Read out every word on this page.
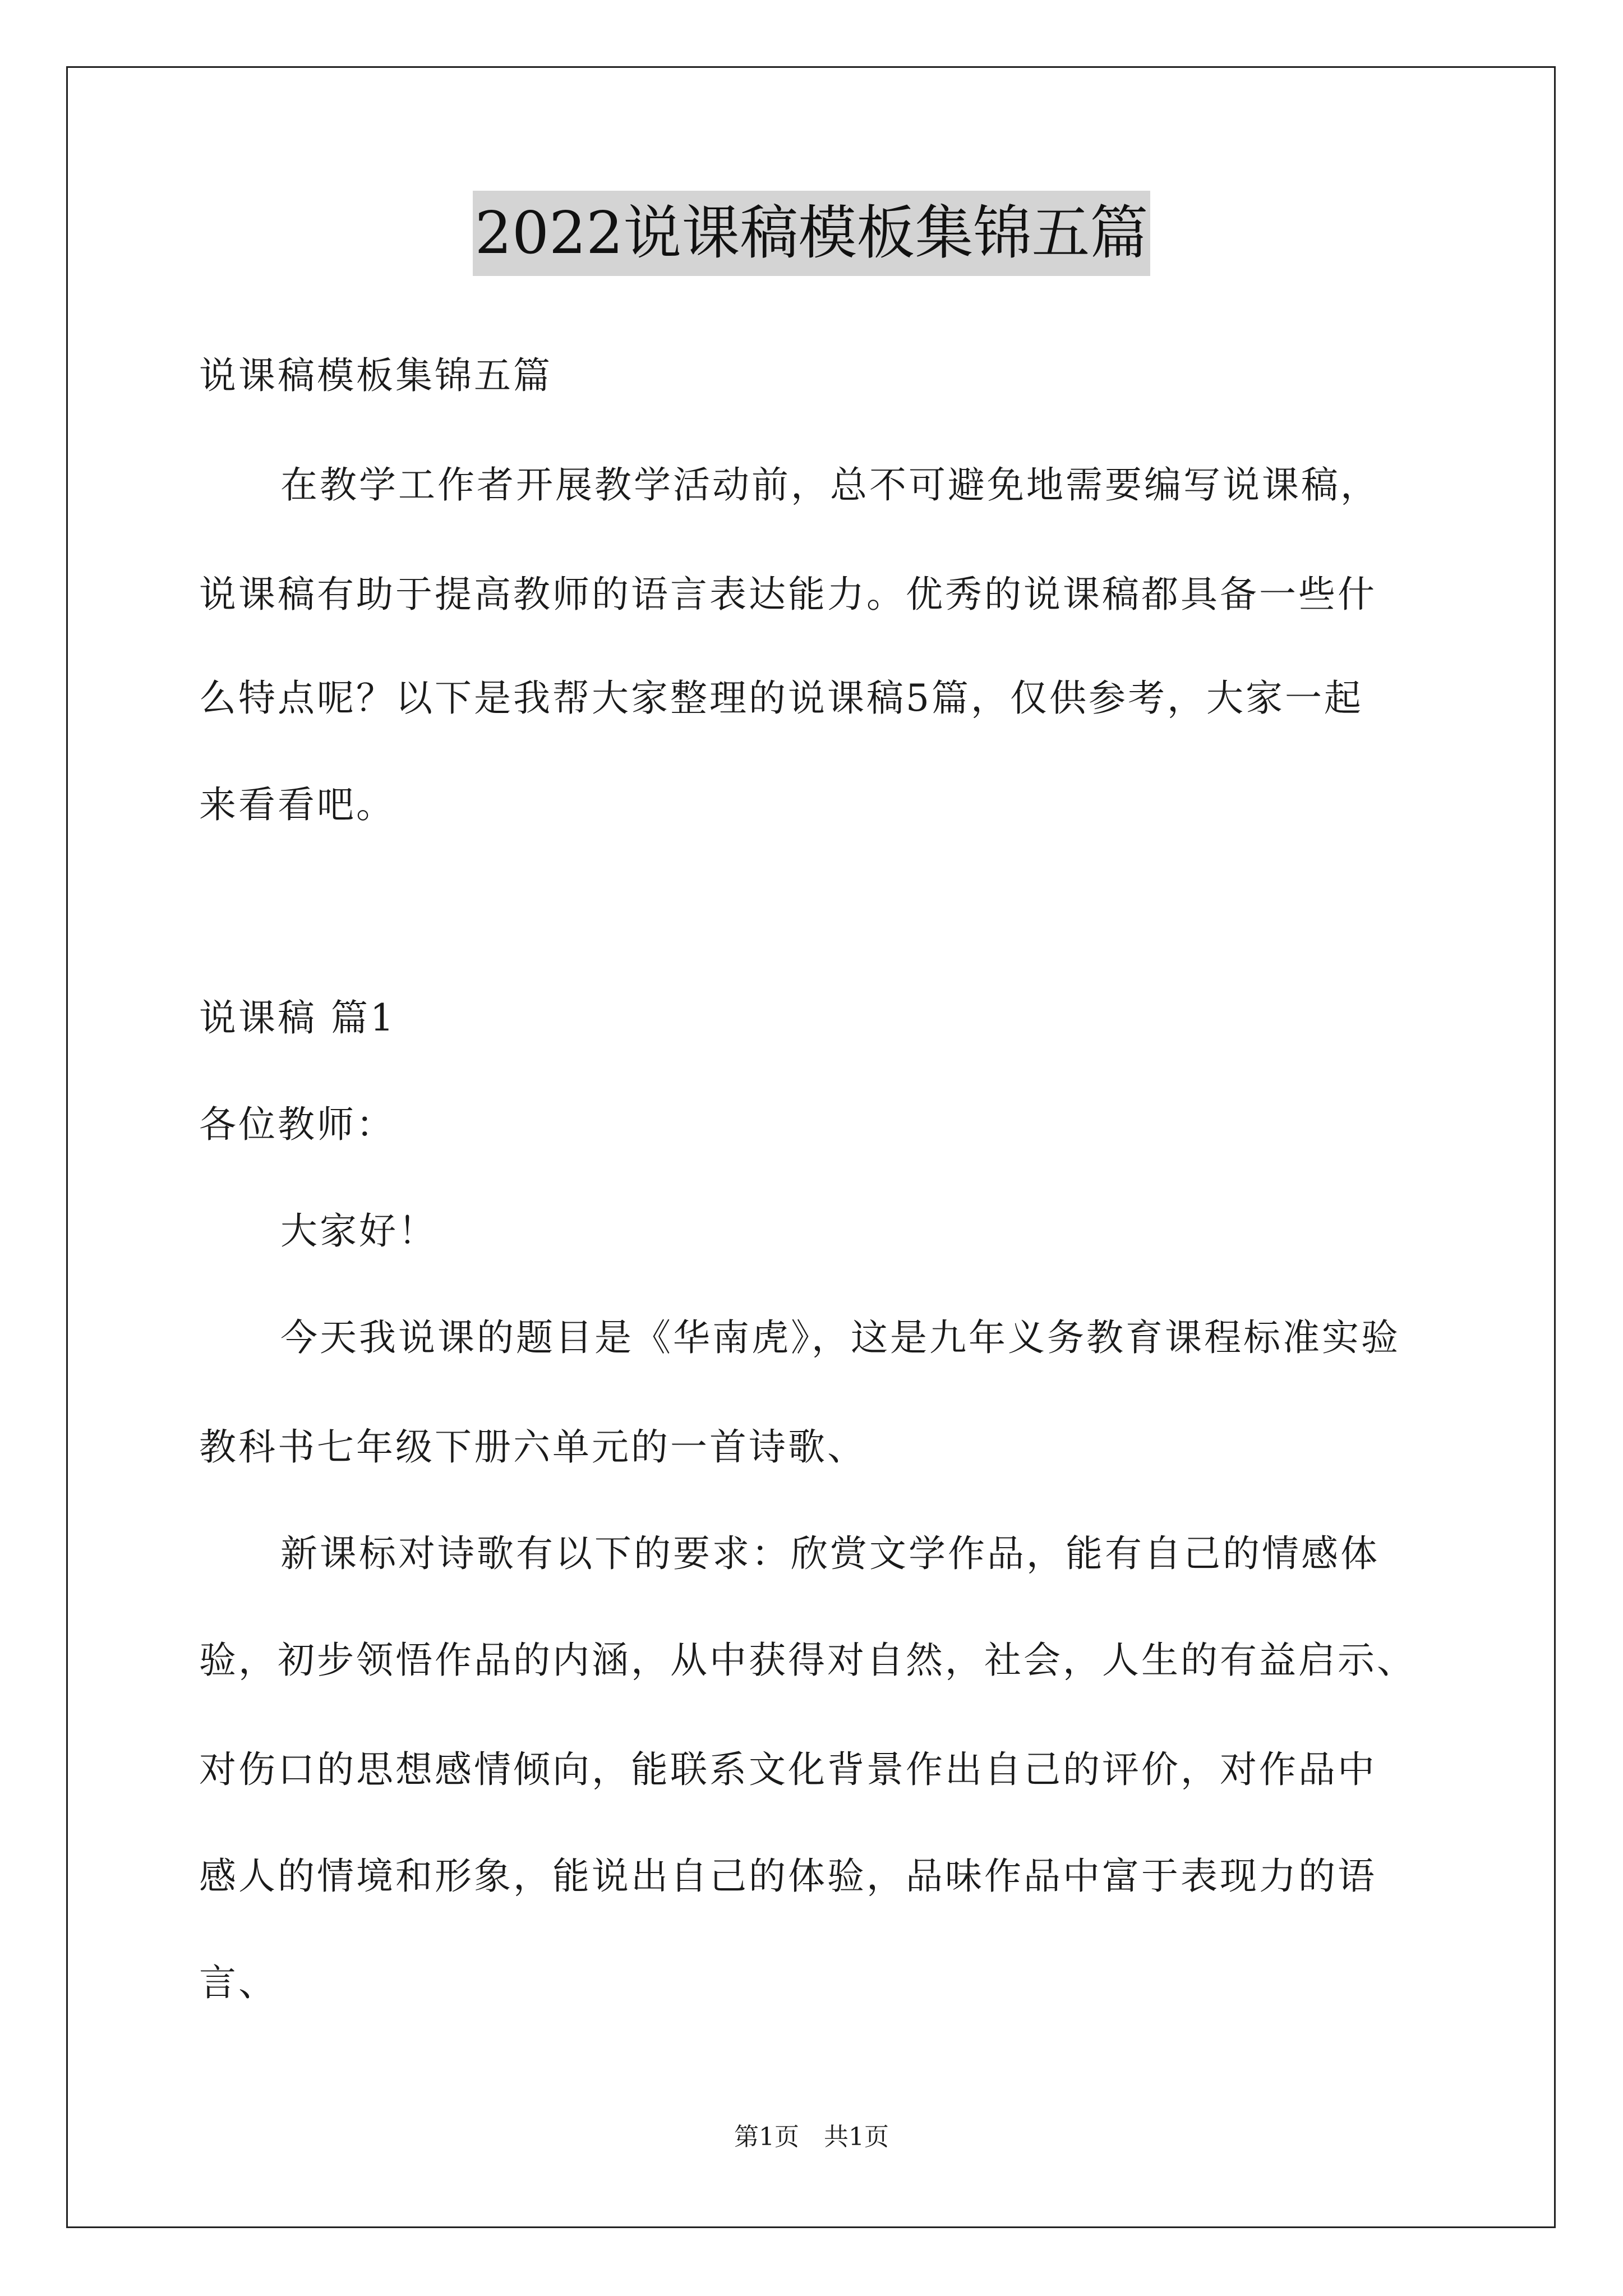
2022说课稿模板集锦五篇
说课稿模板集锦五篇
在教学工作者开展教学活动前，总不可避免地需要编写说课稿，
说课稿有助于提高教师的语言表达能力。优秀的说课稿都具备一些什
么特点呢？以下是我帮大家整理的说课稿5篇，仅供参考，大家一起
来看看吧。
说课稿 篇1
各位教师：
大家好！
今天我说课的题目是《华南虎》，这是九年义务教育课程标准实验
教科书七年级下册六单元的一首诗歌、
新课标对诗歌有以下的要求：欣赏文学作品，能有自己的情感体
验，初步领悟作品的内涵，从中获得对自然，社会，人生的有益启示、
对伤口的思想感情倾向，能联系文化背景作出自己的评价，对作品中
感人的情境和形象，能说出自己的体验，品味作品中富于表现力的语
言、
第1页　共1页
